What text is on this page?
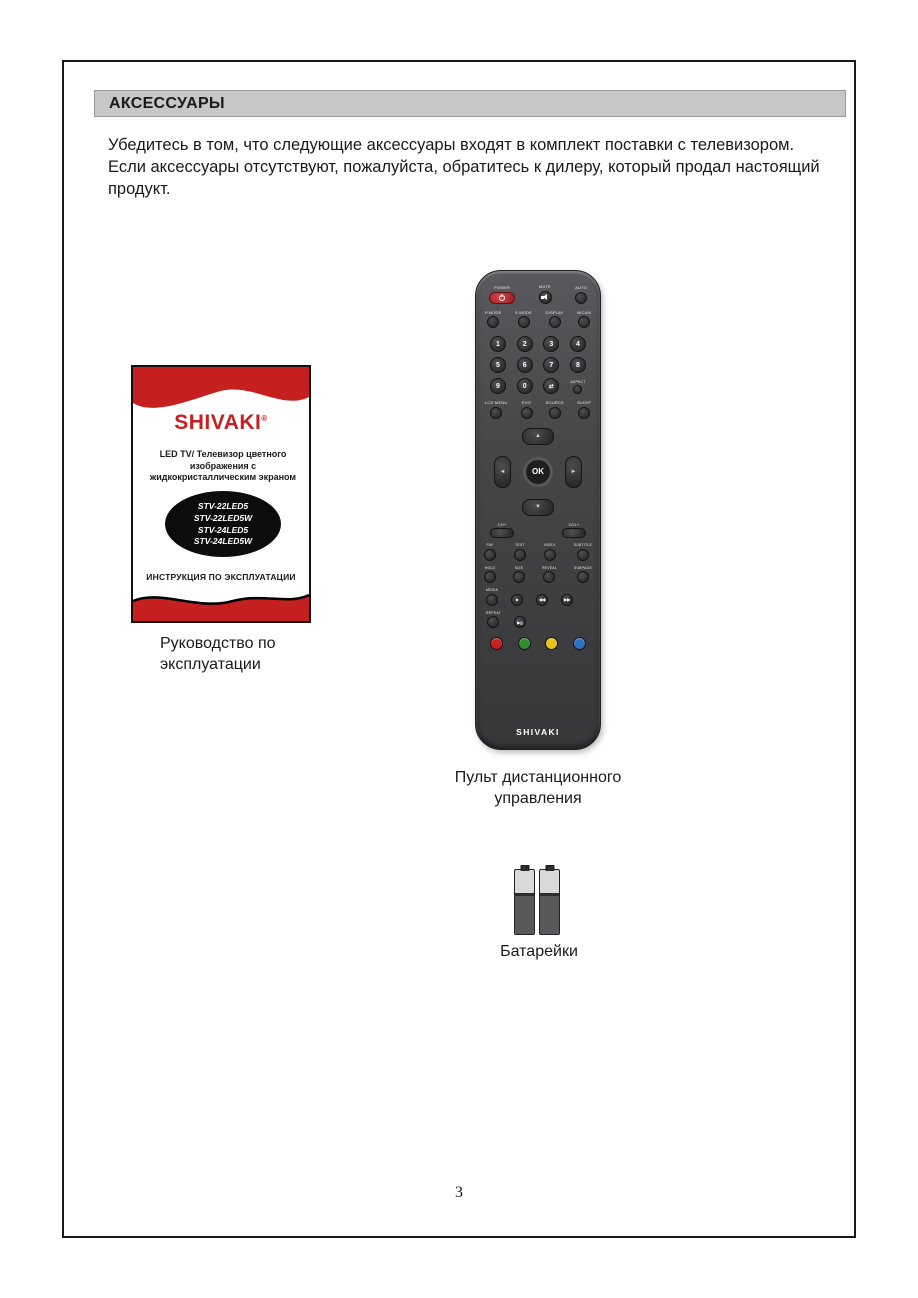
АКСЕССУАРЫ

Убедитесь в том, что следующие аксессуары входят в комплект поставки с телевизором.

Если аксессуары отсутствуют, пожалуйста, обратитесь к дилеру, который продал настоящий продукт.

SHIVAKI®
LED TV/ Телевизор цветного изображения с жидкокристаллическим экраном
STV-22LED5
STV-22LED5W
STV-24LED5
STV-24LED5W
ИНСТРУКЦИЯ ПО ЭКСПЛУАТАЦИИ
Руководство по эксплуатации
POWER	MUTE	AUTO
P.MODE	S.MODE	DISPLAY	NICAM
1	2	3	4
5	6	7	8
9	0	⇄
ASPECT
LCD MENU	EXIT	SOURCE	SLEEP
▲
◄	OK	►
▼
CH+	VOL+
FAV	TEXT	INDEX	SUBTITLE
HOLD	SIZE	REVEAL	SUBPAGE
MEDIA
■	◀◀	▶▶
REPEAT
▶||
SHIVAKI
Пульт дистанционного управления
Батарейки
3
